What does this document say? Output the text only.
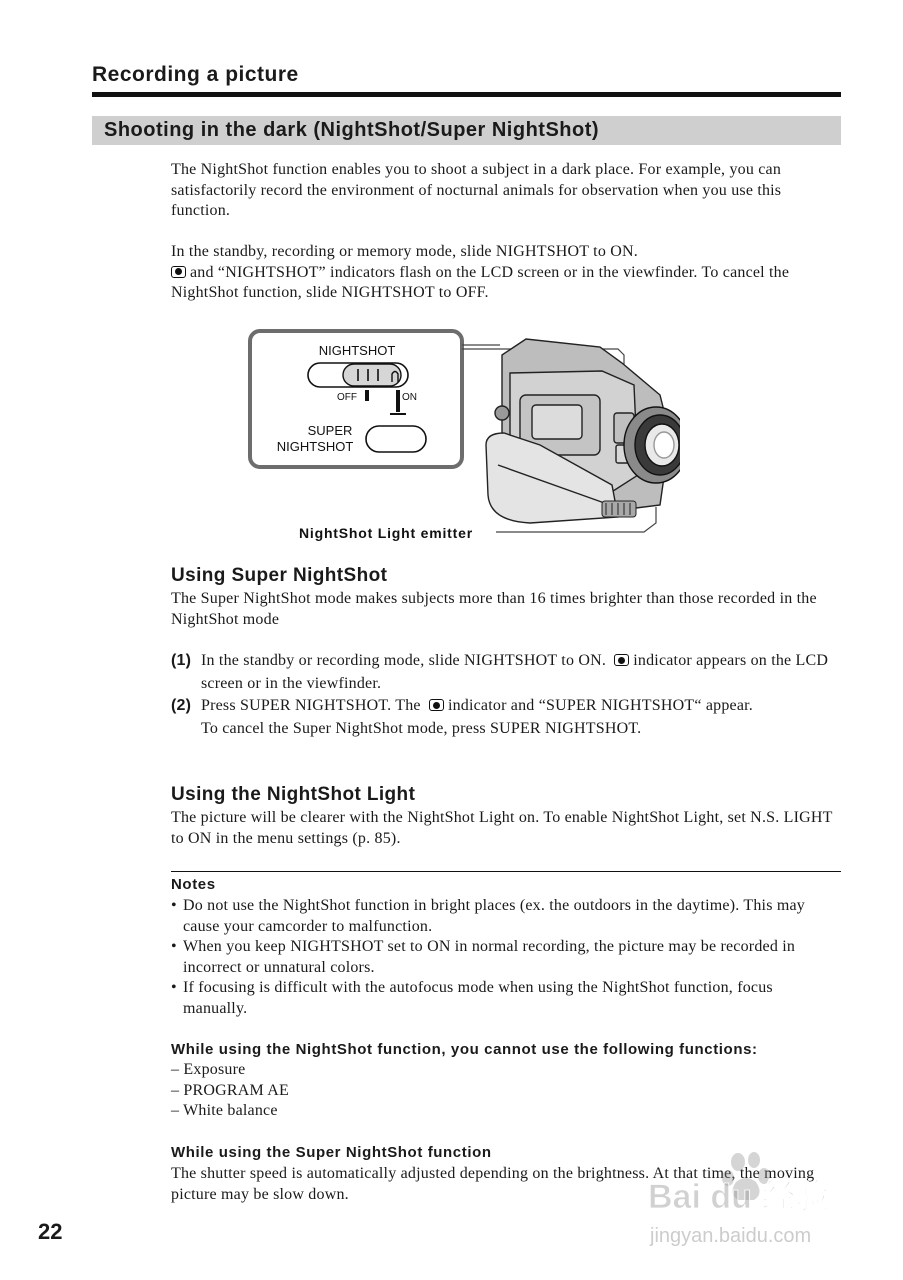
Recording a picture
Shooting in the dark (NightShot/Super NightShot)

The NightShot function enables you to shoot a subject in a dark place. For example, you can satisfactorily record the environment of nocturnal animals for observation when you use this function.

In the standby, recording or memory mode, slide NIGHTSHOT to ON.
and “NIGHTSHOT” indicators flash on the LCD screen or in the viewfinder. To cancel the NightShot function, slide NIGHTSHOT to OFF.

NIGHTSHOT
OFF	ON
SUPER
NIGHTSHOT
NightShot Light emitter
Using Super NightShot

The Super NightShot mode makes subjects more than 16 times brighter than those recorded in the NightShot mode

(1) In the standby or recording mode, slide NIGHTSHOT to ON. indicator appears on the LCD screen or in the viewfinder.
(2) Press SUPER NIGHTSHOT. The indicator and “SUPER NIGHTSHOT“ appear.
To cancel the Super NightShot mode, press SUPER NIGHTSHOT.
Using the NightShot Light

The picture will be clearer with the NightShot Light on. To enable NightShot Light, set N.S. LIGHT to ON in the menu settings (p. 85).

Notes
• Do not use the NightShot function in bright places (ex. the outdoors in the daytime). This may cause your camcorder to malfunction.
• When you keep NIGHTSHOT set to ON in normal recording, the picture may be recorded in incorrect or unnatural colors.
• If focusing is difficult with the autofocus mode when using the NightShot function, focus manually.
While using the NightShot function, you cannot use the following functions:
– Exposure
– PROGRAM AE
– White balance
While using the Super NightShot function

The shutter speed is automatically adjusted depending on the brightness. At that time, the moving picture may be slow down.

22
Bai du 经验
jingyan.baidu.com
